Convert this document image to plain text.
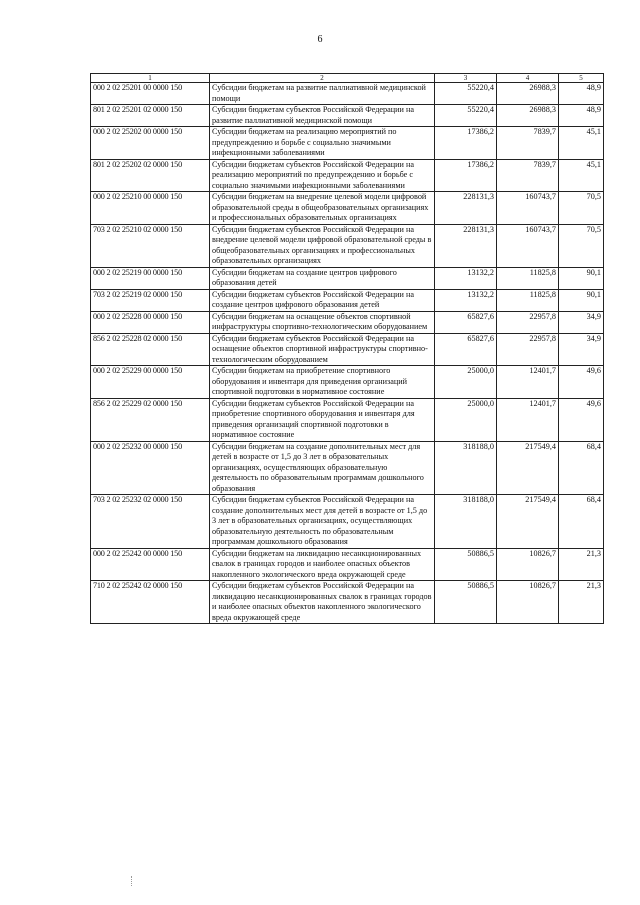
6
1	2	3	4	5
000 2 02 25201 00 0000 150	Субсидии бюджетам на развитие паллиативной медицинской помощи	55220,4	26988,3	48,9
801 2 02 25201 02 0000 150	Субсидии бюджетам субъектов Российской Федерации на развитие паллиативной медицинской помощи	55220,4	26988,3	48,9
000 2 02 25202 00 0000 150	Субсидии бюджетам на реализацию мероприятий по предупреждению и борьбе с социально значимыми инфекционными заболеваниями	17386,2	7839,7	45,1
801 2 02 25202 02 0000 150	Субсидии бюджетам субъектов Российской Федерации на реализацию мероприятий по предупреждению и борьбе с социально значимыми инфекционными заболеваниями	17386,2	7839,7	45,1
000 2 02 25210 00 0000 150	Субсидии бюджетам на внедрение целевой модели цифровой образовательной среды в общеобразовательных организациях и профессиональных образовательных организациях	228131,3	160743,7	70,5
703 2 02 25210 02 0000 150	Субсидии бюджетам субъектов Российской Федерации на внедрение целевой модели цифровой образовательной среды в общеобразовательных организациях и профессиональных образовательных организациях	228131,3	160743,7	70,5
000 2 02 25219 00 0000 150	Субсидии бюджетам на создание центров цифрового образования детей	13132,2	11825,8	90,1
703 2 02 25219 02 0000 150	Субсидии бюджетам субъектов Российской Федерации на создание центров цифрового образования детей	13132,2	11825,8	90,1
000 2 02 25228 00 0000 150	Субсидии бюджетам на оснащение объектов спортивной инфраструктуры спортивно-технологическим оборудованием	65827,6	22957,8	34,9
856 2 02 25228 02 0000 150	Субсидии бюджетам субъектов Российской Федерации на оснащение объектов спортивной инфраструктуры спортивно-технологическим оборудованием	65827,6	22957,8	34,9
000 2 02 25229 00 0000 150	Субсидии бюджетам на приобретение спортивного оборудования и инвентаря для приведения организаций спортивной подготовки в нормативное состояние	25000,0	12401,7	49,6
856 2 02 25229 02 0000 150	Субсидии бюджетам субъектов Российской Федерации на приобретение спортивного оборудования и инвентаря для приведения организаций спортивной подготовки в нормативное состояние	25000,0	12401,7	49,6
000 2 02 25232 00 0000 150	Субсидии бюджетам на создание дополнительных мест для детей в возрасте от 1,5 до 3 лет в образовательных организациях, осуществляющих образовательную деятельность по образовательным программам дошкольного образования	318188,0	217549,4	68,4
703 2 02 25232 02 0000 150	Субсидии бюджетам субъектов Российской Федерации на создание дополнительных мест для детей в возрасте от 1,5 до 3 лет в образовательных организациях, осуществляющих образовательную деятельность по образовательным программам дошкольного образования	318188,0	217549,4	68,4
000 2 02 25242 00 0000 150	Субсидии бюджетам на ликвидацию несанкционированных свалок в границах городов и наиболее опасных объектов накопленного экологического вреда окружающей среде	50886,5	10826,7	21,3
710 2 02 25242 02 0000 150	Субсидии бюджетам субъектов Российской Федерации на ликвидацию несанкционированных свалок в границах городов и наиболее опасных объектов накопленного экологического вреда окружающей среде	50886,5	10826,7	21,3
